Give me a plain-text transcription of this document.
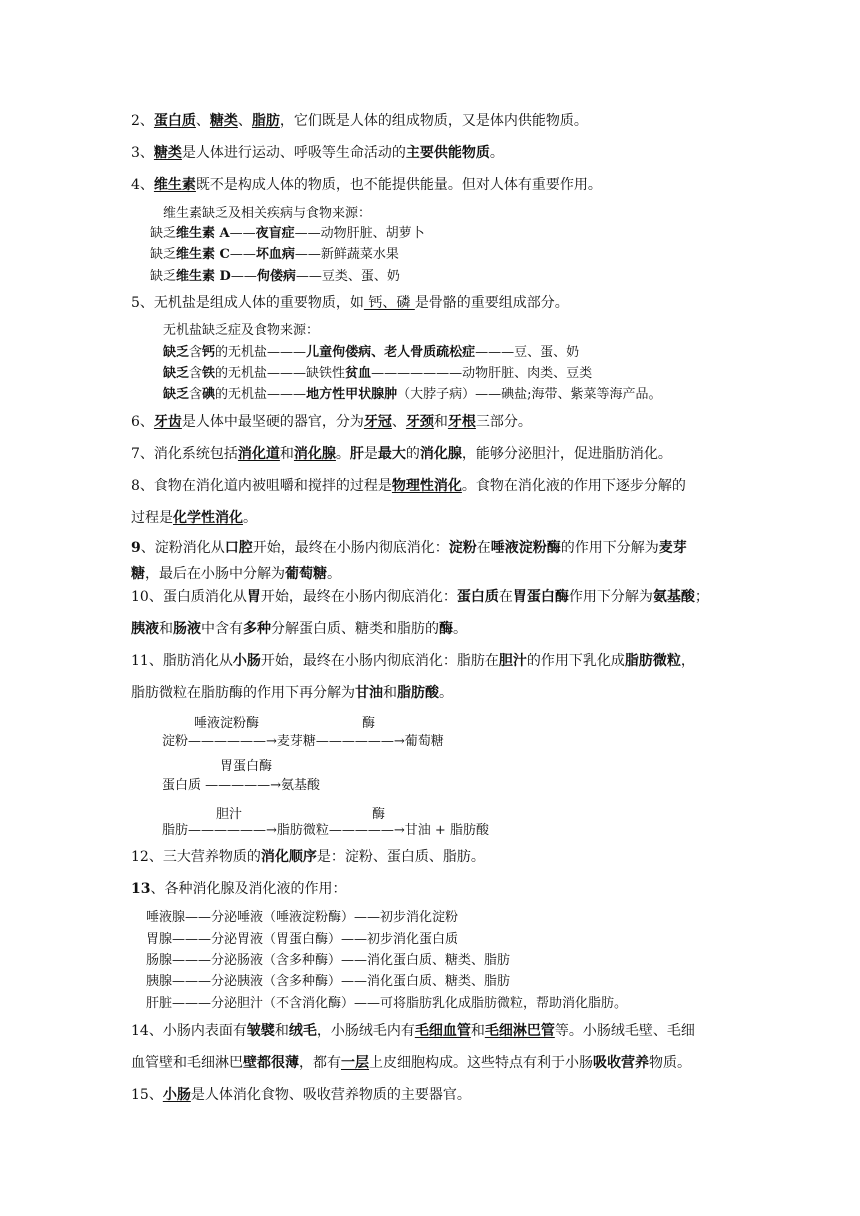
2、蛋白质、糖类、脂肪，它们既是人体的组成物质，又是体内供能物质。
3、糖类是人体进行运动、呼吸等生命活动的主要供能物质。
4、维生素既不是构成人体的物质，也不能提供能量。但对人体有重要作用。
维生素缺乏及相关疾病与食物来源：
缺乏维生素 A——夜盲症——动物肝脏、胡萝卜
缺乏维生素 C——坏血病——新鲜蔬菜水果
缺乏维生素 D——佝偻病——豆类、蛋、奶
5、无机盐是组成人体的重要物质，如 钙、磷 是骨骼的重要组成部分。
无机盐缺乏症及食物来源：
缺乏含钙的无机盐———儿童佝偻病、老人骨质疏松症———豆、蛋、奶
缺乏含铁的无机盐———缺铁性贫血———————动物肝脏、肉类、豆类
缺乏含碘的无机盐———地方性甲状腺肿（大脖子病）——碘盐;海带、紫菜等海产品。
6、牙齿是人体中最坚硬的器官，分为牙冠、牙颈和牙根三部分。
7、消化系统包括消化道和消化腺。肝是最大的消化腺，能够分泌胆汁，促进脂肪消化。
8、食物在消化道内被咀嚼和搅拌的过程是物理性消化。食物在消化液的作用下逐步分解的
过程是化学性消化。
9、淀粉消化从口腔开始，最终在小肠内彻底消化：淀粉在唾液淀粉酶的作用下分解为麦芽
糖，最后在小肠中分解为葡萄糖。
10、蛋白质消化从胃开始，最终在小肠内彻底消化：蛋白质在胃蛋白酶作用下分解为氨基酸；
胰液和肠液中含有多种分解蛋白质、糖类和脂肪的酶。
11、脂肪消化从小肠开始，最终在小肠内彻底消化：脂肪在胆汁的作用下乳化成脂肪微粒，
脂肪微粒在脂肪酶的作用下再分解为甘油和脂肪酸。
唾液淀粉酶	酶
淀粉——————→麦芽糖——————→葡萄糖
胃蛋白酶
蛋白质 —————→氨基酸
胆汁	酶
脂肪——————→脂肪微粒—————→甘油 + 脂肪酸
12、三大营养物质的消化顺序是：淀粉、蛋白质、脂肪。
13、各种消化腺及消化液的作用：
唾液腺——分泌唾液（唾液淀粉酶）——初步消化淀粉
胃腺———分泌胃液（胃蛋白酶）——初步消化蛋白质
肠腺———分泌肠液（含多种酶）——消化蛋白质、糖类、脂肪
胰腺———分泌胰液（含多种酶）——消化蛋白质、糖类、脂肪
肝脏———分泌胆汁（不含消化酶）——可将脂肪乳化成脂肪微粒，帮助消化脂肪。
14、小肠内表面有皱襞和绒毛，小肠绒毛内有毛细血管和毛细淋巴管等。小肠绒毛壁、毛细
血管壁和毛细淋巴壁都很薄，都有一层上皮细胞构成。这些特点有利于小肠吸收营养物质。
15、小肠是人体消化食物、吸收营养物质的主要器官。
